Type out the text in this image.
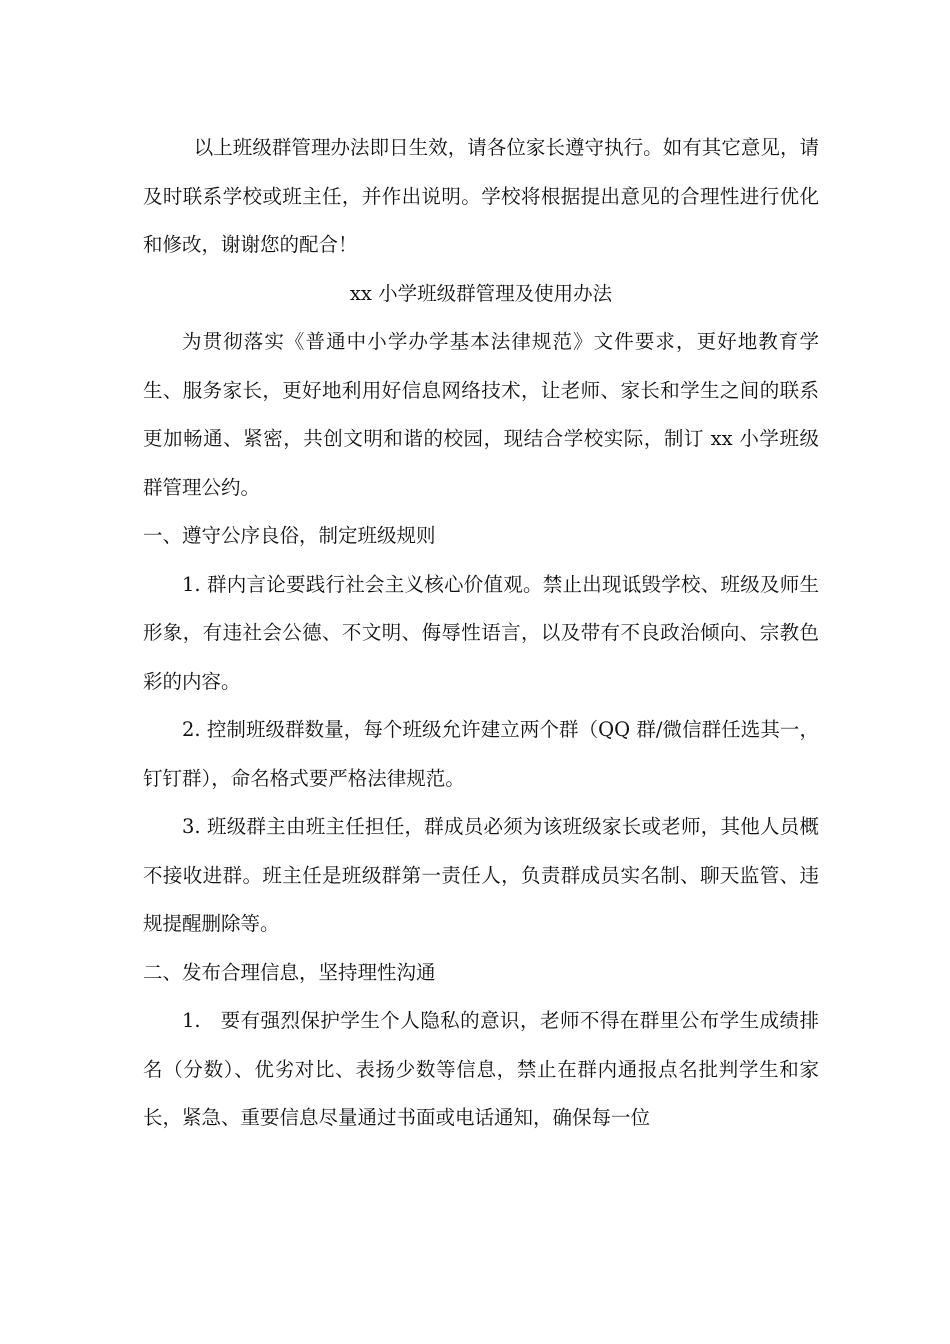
以上班级群管理办法即日生效，请各位家长遵守执行。如有其它意见，请及时联系学校或班主任，并作出说明。学校将根据提出意见的合理性进行优化和修改，谢谢您的配合！

xx 小学班级群管理及使用办法

为贯彻落实《普通中小学办学基本法律规范》文件要求，更好地教育学生、服务家长，更好地利用好信息网络技术，让老师、家长和学生之间的联系更加畅通、紧密，共创文明和谐的校园，现结合学校实际，制订 xx 小学班级群管理公约。

一、遵守公序良俗，制定班级规则

1. 群内言论要践行社会主义核心价值观。禁止出现诋毁学校、班级及师生形象，有违社会公德、不文明、侮辱性语言，以及带有不良政治倾向、宗教色彩的内容。

2. 控制班级群数量，每个班级允许建立两个群（QQ 群/微信群任选其一，钉钉群），命名格式要严格法律规范。

3. 班级群主由班主任担任，群成员必须为该班级家长或老师，其他人员概不接收进群。班主任是班级群第一责任人，负责群成员实名制、聊天监管、违规提醒删除等。

二、发布合理信息，坚持理性沟通

1.   要有强烈保护学生个人隐私的意识，老师不得在群里公布学生成绩排名（分数）、优劣对比、表扬少数等信息，禁止在群内通报点名批判学生和家长，紧急、重要信息尽量通过书面或电话通知，确保每一位
